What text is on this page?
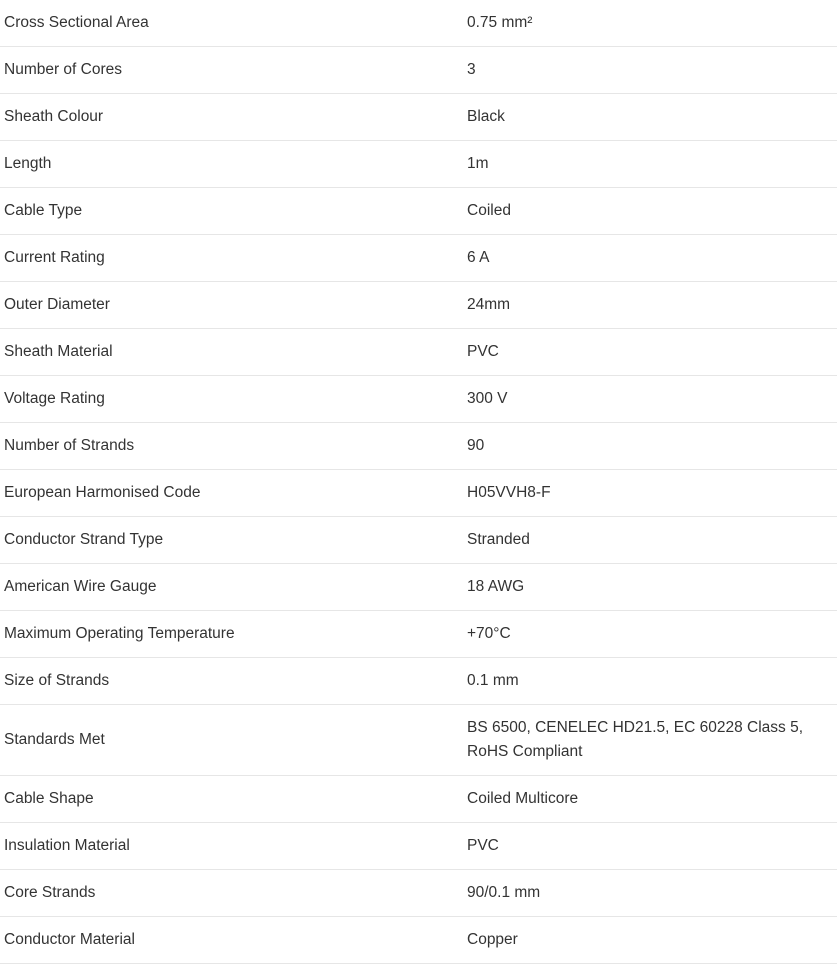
Cross Sectional Area	0.75 mm²
Number of Cores	3
Sheath Colour	Black
Length	1m
Cable Type	Coiled
Current Rating	6 A
Outer Diameter	24mm
Sheath Material	PVC
Voltage Rating	300 V
Number of Strands	90
European Harmonised Code	H05VVH8-F
Conductor Strand Type	Stranded
American Wire Gauge	18 AWG
Maximum Operating Temperature	+70°C
Size of Strands	0.1 mm
Standards Met	BS 6500, CENELEC HD21.5, EC 60228 Class 5, RoHS Compliant
Cable Shape	Coiled Multicore
Insulation Material	PVC
Core Strands	90/0.1 mm
Conductor Material	Copper
